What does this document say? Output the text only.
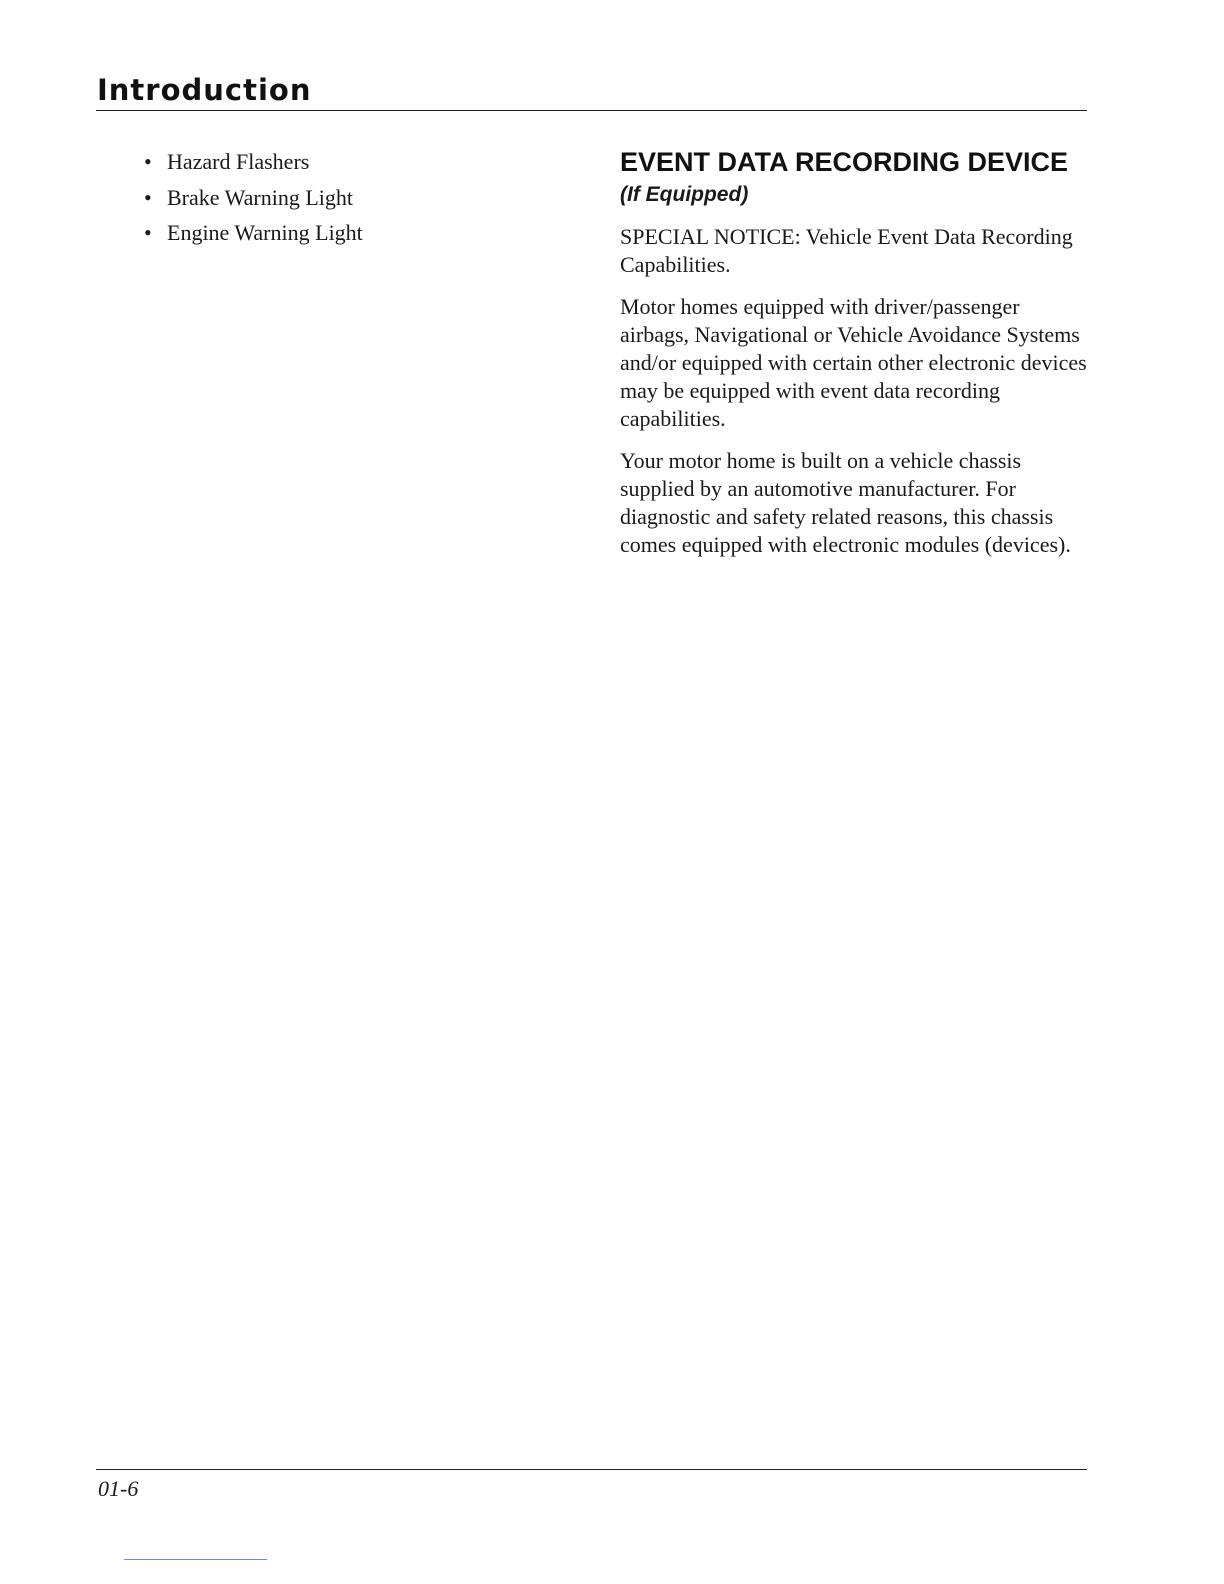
Introduction
• Hazard Flashers
• Brake Warning Light
• Engine Warning Light
EVENT DATA RECORDING DEVICE

(If Equipped)

SPECIAL NOTICE: Vehicle Event Data Recording Capabilities.

Motor homes equipped with driver/passenger airbags, Navigational or Vehicle Avoidance Systems and/or equipped with certain other electronic devices may be equipped with event data recording capabilities.

Your motor home is built on a vehicle chassis supplied by an automotive manufacturer. For diagnostic and safety related reasons, this chassis comes equipped with electronic modules (devices).

01-6
